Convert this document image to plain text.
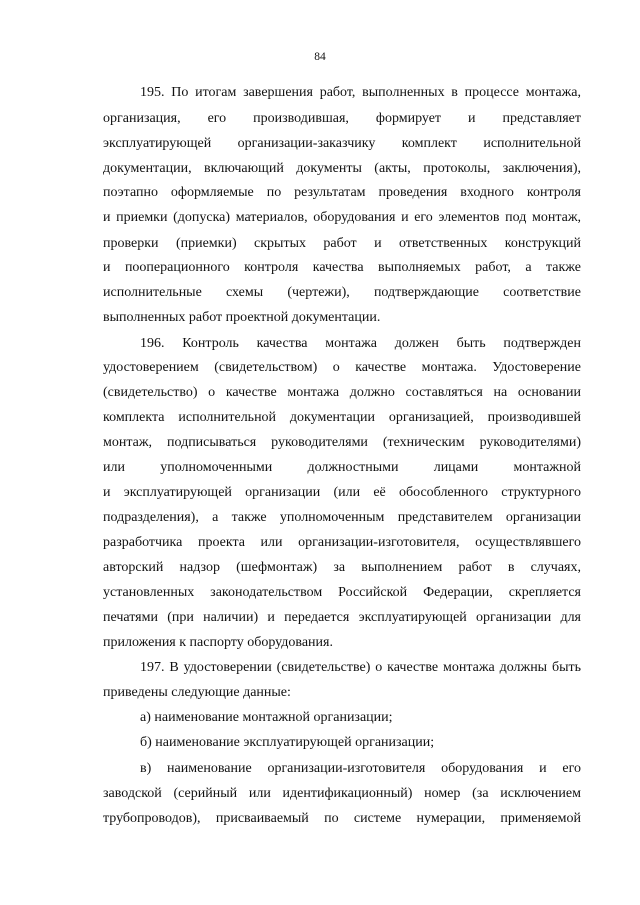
84
195. По итогам завершения работ, выполненных в процессе монтажа,
организация, его производившая, формирует и представляет
эксплуатирующей организации-заказчику комплект исполнительной
документации, включающий документы (акты, протоколы, заключения),
поэтапно оформляемые по результатам проведения входного контроля
и приемки (допуска) материалов, оборудования и его элементов под монтаж,
проверки (приемки) скрытых работ и ответственных конструкций
и пооперационного контроля качества выполняемых работ, а также
исполнительные схемы (чертежи), подтверждающие соответствие
выполненных работ проектной документации.
196. Контроль качества монтажа должен быть подтвержден
удостоверением (свидетельством) о качестве монтажа. Удостоверение
(свидетельство) о качестве монтажа должно составляться на основании
комплекта исполнительной документации организацией, производившей
монтаж, подписываться руководителями (техническим руководителями)
или уполномоченными должностными лицами монтажной
и эксплуатирующей организации (или её обособленного структурного
подразделения), а также уполномоченным представителем организации
разработчика проекта или организации-изготовителя, осуществлявшего
авторский надзор (шефмонтаж) за выполнением работ в случаях,
установленных законодательством Российской Федерации, скрепляется
печатями (при наличии) и передается эксплуатирующей организации для
приложения к паспорту оборудования.
197. В удостоверении (свидетельстве) о качестве монтажа должны быть
приведены следующие данные:
а) наименование монтажной организации;
б) наименование эксплуатирующей организации;
в) наименование организации-изготовителя оборудования и его
заводской (серийный или идентификационный) номер (за исключением
трубопроводов), присваиваемый по системе нумерации, применяемой
